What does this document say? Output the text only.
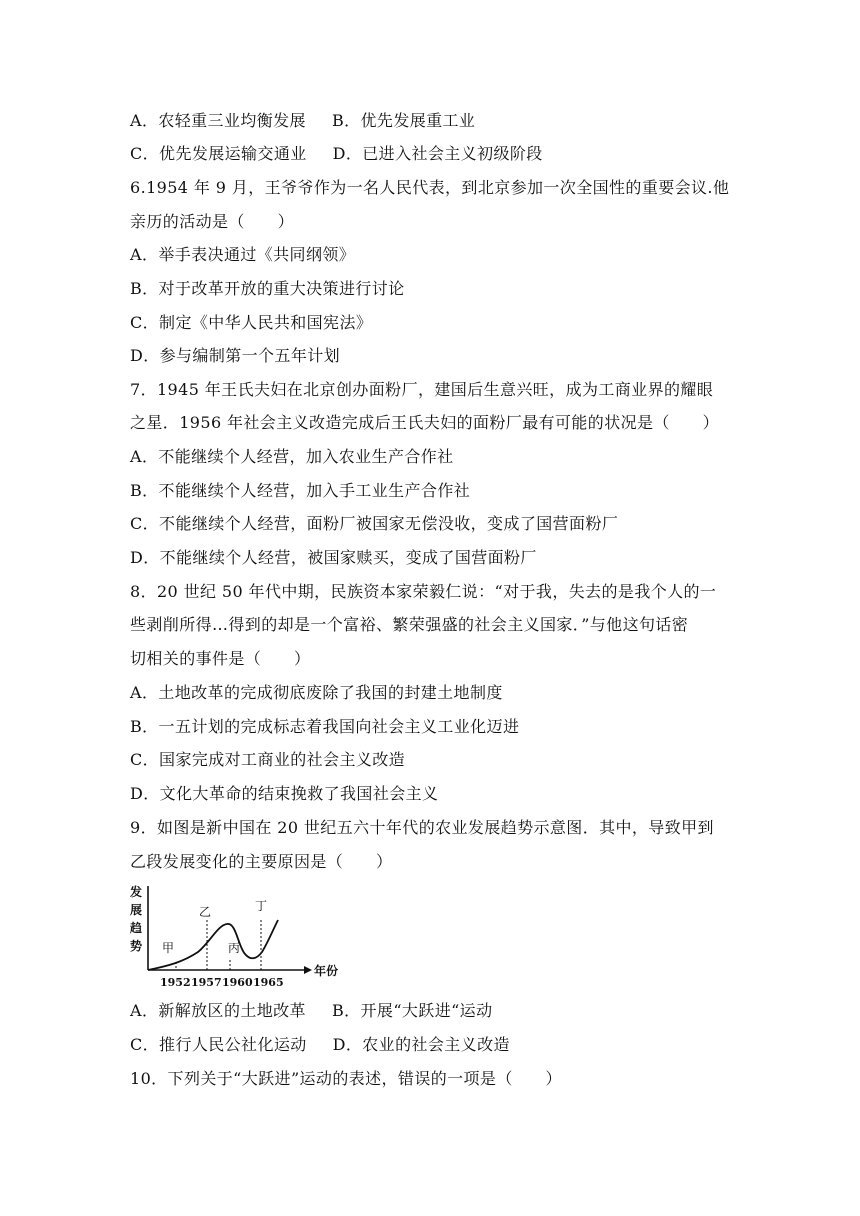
A．农轻重三业均衡发展 B．优先发展重工业
C．优先发展运输交通业 D．已进入社会主义初级阶段
6.1954 年 9 月，王爷爷作为一名人民代表，到北京参加一次全国性的重要会议.他
亲历的活动是（　　）
A．举手表决通过《共同纲领》
B．对于改革开放的重大决策进行讨论
C．制定《中华人民共和国宪法》
D．参与编制第一个五年计划
7．1945 年王氏夫妇在北京创办面粉厂，建国后生意兴旺，成为工商业界的耀眼
之星．1956 年社会主义改造完成后王氏夫妇的面粉厂最有可能的状况是（　　）
A．不能继续个人经营，加入农业生产合作社
B．不能继续个人经营，加入手工业生产合作社
C．不能继续个人经营，面粉厂被国家无偿没收，变成了国营面粉厂
D．不能继续个人经营，被国家赎买，变成了国营面粉厂
8．20 世纪 50 年代中期，民族资本家荣毅仁说：“对于我，失去的是我个人的一
些剥削所得…得到的却是一个富裕、繁荣强盛的社会主义国家．”与他这句话密
切相关的事件是（　　）
A．土地改革的完成彻底废除了我国的封建土地制度
B．一五计划的完成标志着我国向社会主义工业化迈进
C．国家完成对工商业的社会主义改造
D．文化大革命的结束挽救了我国社会主义
9．如图是新中国在 20 世纪五六十年代的农业发展趋势示意图．其中，导致甲到
乙段发展变化的主要原因是（　　）
发
展
趋
势
年份
甲
乙
丙
丁
1952 1957 1960 1965
A．新解放区的土地改革 B．开展“大跃进“运动
C．推行人民公社化运动 D．农业的社会主义改造
10．下列关于“大跃进”运动的表述，错误的一项是（　　）
